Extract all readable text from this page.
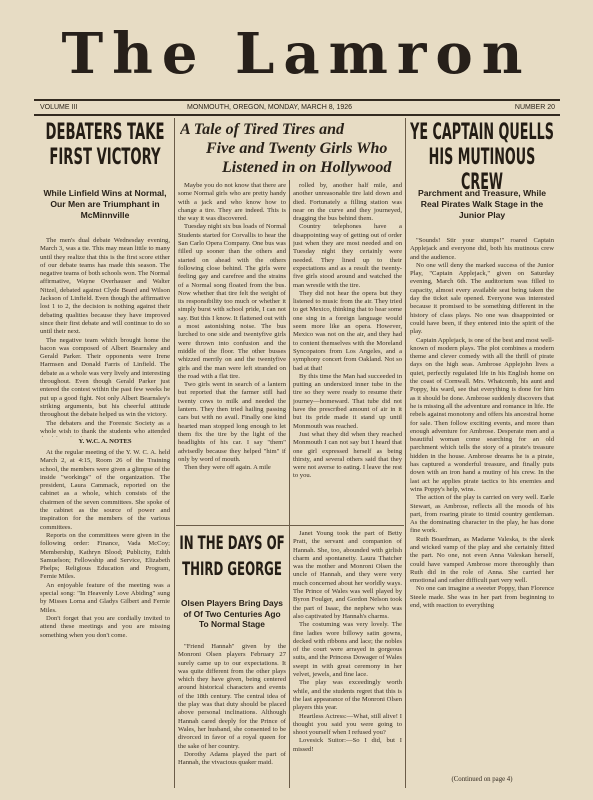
The Lamron
VOLUME III	MONMOUTH, OREGON, MONDAY, MARCH 8, 1926	NUMBER 20
DEBATERS TAKE
FIRST VICTORY
While Linfield Wins at Normal, Our Men are Triumphant in McMinnville

The men's dual debate Wednesday evening, March 3, was a tie. This may mean little to many until they realize that this is the first score either of our debate teams has made this season. The negative teams of both schools won. The Normal affirmative, Wayne Overhauser and Walter Nitzel, debated against Clyde Beard and Wilson Jackson of Linfield. Even though the affirmative lost 1 to 2, the decision is nothing against their debating qualities because they have improved since their first debate and will continue to do so until their next.

The negative team which brought home the bacon was composed of Albert Bearnsley and Gerald Parker. Their opponents were Irene Harmsen and Donald Farris of Linfield. The debate as a whole was very lively and interesting throughout. Even though Gerald Parker just entered the contest within the past few weeks he put up a good fight. Not only Albert Bearnsley's striking arguments, but his cheerful attitude throughout the debate helped us win the victory.

The debaters and the Forensic Society as a whole wish to thank the students who attended

Y. W.C. A. NOTES

At the regular meeting of the Y. W. C. A. held March 2, at 4:15, Room 26 of the Training school, the members were given a glimpse of the inside "workings" of the organization. The president, Laura Cammack, reported on the cabinet as a whole, which consists of the chairmen of the seven committees. She spoke of the cabinet as the source of power and inspiration for the members of the various committees.

Reports on the committees were given in the following order: Finance, Vada McCoy; Membership, Kathryn Blood; Publicity, Edith Samuelson; Fellowship and Service, Elizabeth Phelps; Religious Education and Program, Fernie Miles.

An enjoyable feature of the meeting was a special song: "In Heavenly Love Abiding" sung by Misses Lorna and Gladys Gilbert and Fernie Miles.

Don't forget that you are cordially invited to attend these meetings and you are missing something when you don't come.

A Tale of Tired Tires and
Five and Twenty Girls Who
Listened in on Hollywood

Maybe you do not know that there are some Normal girls who are pretty handy with a jack and who know how to change a tire. They are indeed. This is the way it was discovered.

Tuesday night six bus loads of Normal Students started for Corvallis to hear the San Carlo Opera Company. One bus was filled up sooner than the others and started on ahead with the others following close behind. The girls were feeling gay and carefree and the strains of a Normal song floated from the bus. Now whether that tire felt the weight of its responsibility too much or whether it simply burst with school pride, I can not say. But this I know. It flattened out with a most astonishing noise. The bus lurched to one side and twentyfive girls were thrown into confusion and the middle of the floor. The other busses whizzed merrily on and the twentyfive girls and the man were left stranded on the road with a flat tire.

Two girls went in search of a lantern but reported that the farmer still had twenty cows to milk and needed the lantern. They then tried hailing passing cars but with no avail. Finally one kind hearted man stopped long enough to let them fix the tire by the light of the headlights of his car. I say "them" advisedly because they helped "him" if only by word of mouth.

Then they were off again. A mile

rolled by, another half mile, and another unreasonable tire laid down and died. Fortunately a filling station was near on the curve and they journeyed, dragging the bus behind them.

Country telephones have a disappointing way of getting out of order just when they are most needed and on Tuesday night they certainly were needed. They lined up to their expectations and as a result the twenty-five girls stood around and watched the man wrestle with the tire.

They did not hear the opera but they listened to music from the air. They tried to get Mexico, thinking that to hear some one sing in a foreign language would seem more like an opera. However, Mexico was not on the air, and they had to content themselves with the Moreland Syncopators from Los Angeles, and a symphony concert from Oakland. Not so bad at that!

By this time the Man had succeeded in putting an undersized inner tube in the tire so they were ready to resume their journey—homeward. That tube did not have the prescribed amount of air in it but its pride made it stand up until Monmouth was reached.

Just what they did when they reached Monmouth I can not say but I heard that one girl expressed herself as being thirsty, and several others said that they were not averse to eating. I leave the rest to you.

IN THE DAYS OF
THIRD GEORGE
Olsen Players Bring Days of Of Two Centuries Ago To Normal Stage

"Friend Hannah" given by the Monroni Olsen players February 27 surely came up to our expectations. It was quite different from the other plays which they have given, being centered around historical characters and events of the 18th century. The central idea of the play was that duty should be placed above personal inclinations. Although Hannah cared deeply for the Prince of Wales, her husband, she consented to be divorced in favor of a royal queen for the sake of her country.

Dorothy Adams played the part of Hannah, the vivacious quaker maid.

Janet Young took the part of Betty Pratt, the servant and companion of Hannah. She, too, abounded with girlish charm and spontaneity. Laura Thatcher was the mother and Monroni Olsen the uncle of Hannah, and they were very much concerned about her worldly ways. The Prince of Wales was well played by Byron Foulger, and Gordon Nelson took the part of Isaac, the nephew who was also captivated by Hannah's charms.

The costuming was very lovely. The fine ladies wore billowy satin gowns, decked with ribbons and lace; the nobles of the court were arrayed in gorgeous suits, and the Princess Dowager of Wales swept in with great ceremony in her velvet, jewels, and fine lace.

The play was exceedingly worth while, and the students regret that this is the last appearance of the Monroni Olsen players this year.

Heartless Actress:—What, still alive! I thought you said you were going to shoot yourself when I refused you?

Lovesick Suitor:—So I did, but I missed!

YE CAPTAIN QUELLS
HIS MUTINOUS CREW
Parchment and Treasure, While Real Pirates Walk Stage in the Junior Play

"Sounds! Stir your stumps!" roared Captain Applejack and everyone did, both his mutinous crew and the audience.

No one will deny the marked success of the Junior Play, "Captain Applejack," given on Saturday evening, March 6th. The auditorium was filled to capacity, almost every available seat being taken the day the ticket sale opened. Everyone was interested because it promised to be something different in the history of class plays. No one was disappointed or could have been, if they entered into the spirit of the play.

Captain Applejack, is one of the best and most well-known of modern plays. The plot combines a modern theme and clever comedy with all the thrill of pirate days on the high seas. Ambrose Applejohn lives a quiet, perfectly regulated life in his English home on the coast of Cornwall. Mrs. Whatcomb, his aunt and Poppy, his ward, see that everything is done for him as it should be done. Ambrose suddenly discovers that he is missing all the adventure and romance in life. He rebels against monotony and offers his ancestral home for sale. Then follow exciting events, and more than enough adventure for Ambrose. Desperate men and a beautiful woman come searching for an old parchment which tells the story of a pirate's treasure hidden in the house. Ambrose dreams he is a pirate, has captured a wonderful treasure, and finally puts down with an iron hand a mutiny of his crew. In the last act he applies pirate tactics to his enemies and wins Poppy's help, wins.

The action of the play is carried on very well. Earle Stewart, as Ambrose, reflects all the moods of his part, from roaring pirate to timid country gentleman. As the dominating character in the play, he has done fine work.

Ruth Boardman, as Madame Valeska, is the sleek and wicked vamp of the play and she certainly fitted the part. No one, not even Anna Valeskan herself, could have vamped Ambrose more thoroughly than Ruth did in the role of Anna. She carried her emotional and rather difficult part very well.

No one can imagine a sweeter Poppy, than Florence Steele made. She was in her part from beginning to end, with reaction to everything

(Continued on page 4)
